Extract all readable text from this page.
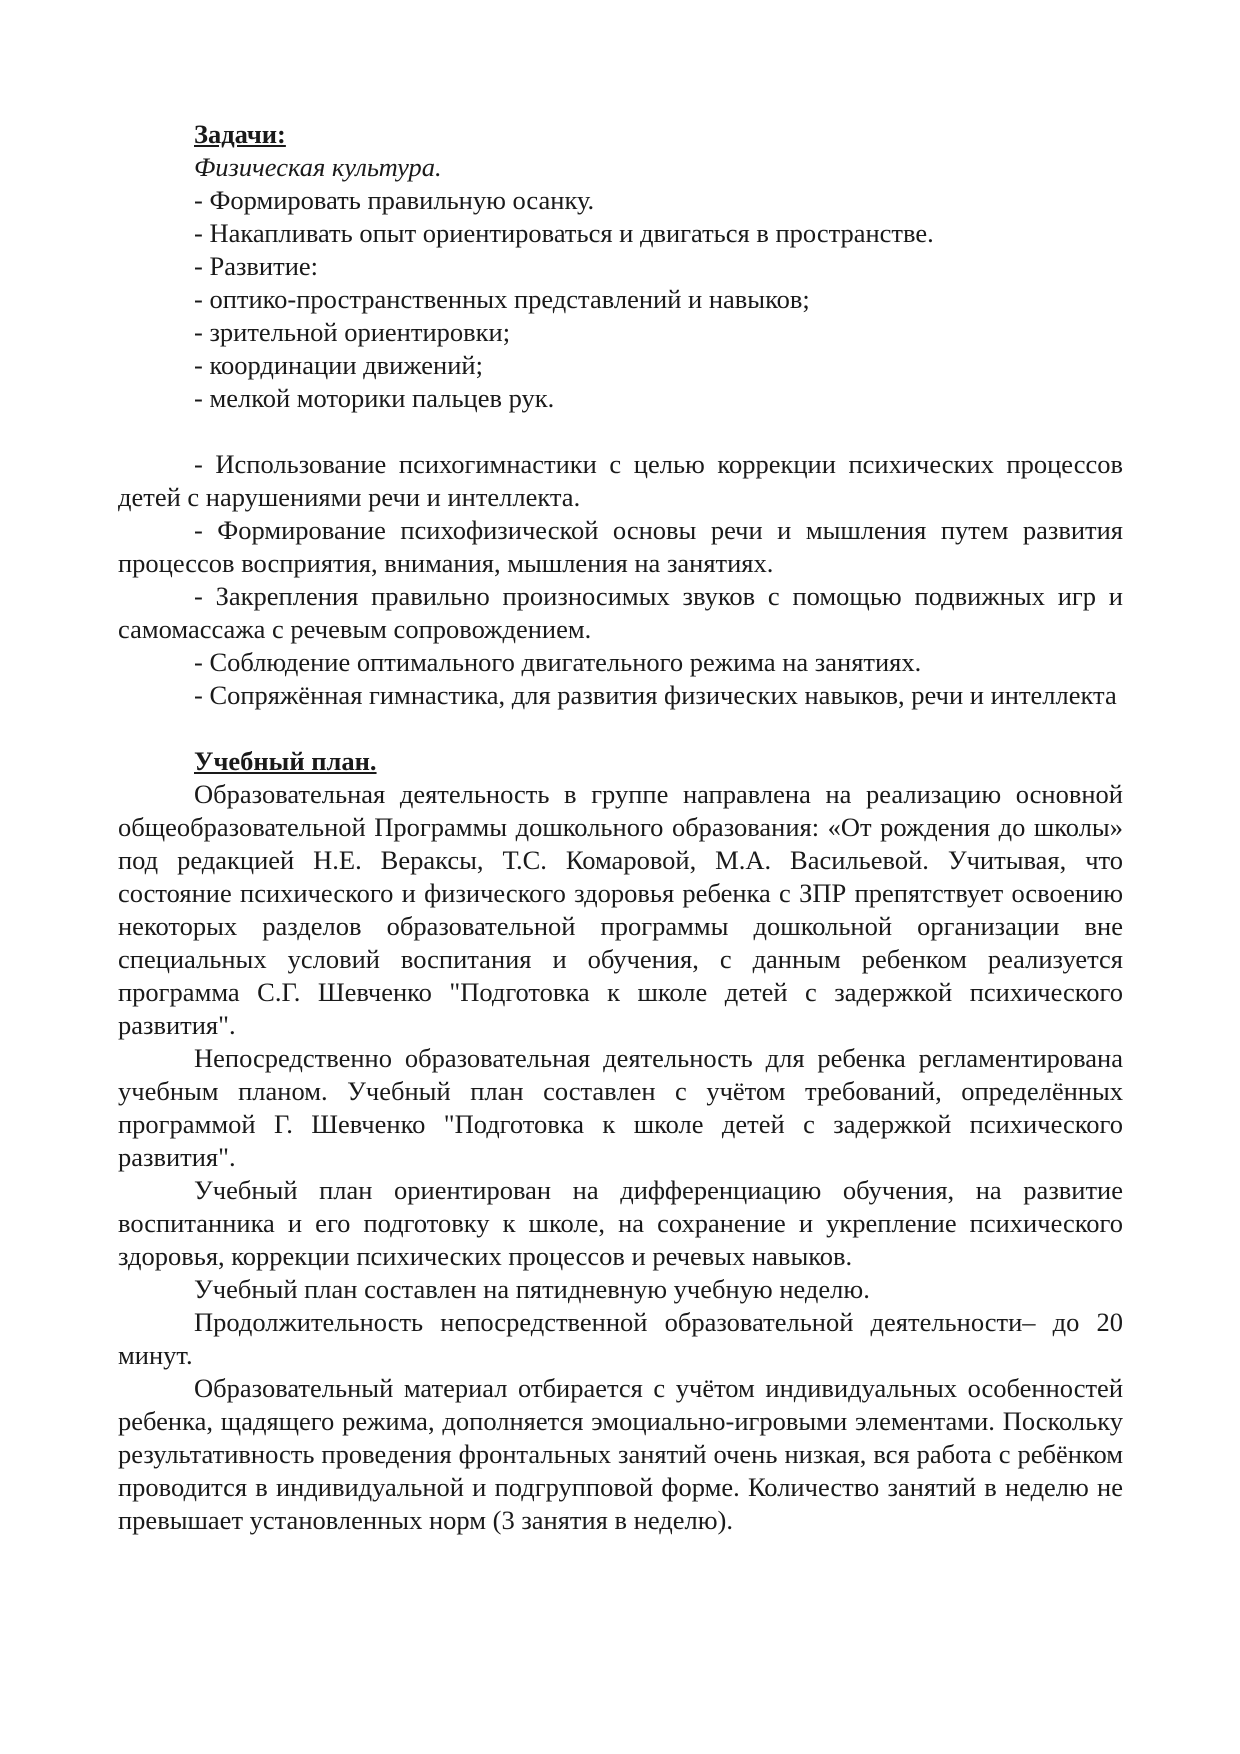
Задачи:
Физическая культура.
- Формировать правильную осанку.
- Накапливать опыт ориентироваться и двигаться в пространстве.
- Развитие:
- оптико-пространственных представлений и навыков;
- зрительной ориентировки;
- координации движений;
- мелкой моторики пальцев рук.
- Использование психогимнастики с целью коррекции психических процессов детей с нарушениями речи и интеллекта.
- Формирование психофизической основы речи и мышления путем развития процессов восприятия, внимания, мышления на занятиях.
- Закрепления правильно произносимых звуков с помощью подвижных игр и самомассажа с речевым сопровождением.
- Соблюдение оптимального двигательного режима на занятиях.
- Сопряжённая гимнастика, для развития физических навыков, речи и интеллекта
Учебный план.
Образовательная деятельность в группе направлена на реализацию основной общеобразовательной Программы дошкольного образования: «От рождения до школы» под редакцией Н.Е. Вераксы, Т.С. Комаровой, М.А. Васильевой. Учитывая, что состояние психического и физического здоровья ребенка с ЗПР препятствует освоению некоторых разделов образовательной программы дошкольной организации вне специальных условий воспитания и обучения, с данным ребенком реализуется программа С.Г. Шевченко "Подготовка к школе детей с задержкой психического развития".
Непосредственно образовательная деятельность для ребенка регламентирована учебным планом. Учебный план составлен с учётом требований, определённых программой Г. Шевченко "Подготовка к школе детей с задержкой психического развития".
Учебный план ориентирован на дифференциацию обучения, на развитие воспитанника и его подготовку к школе, на сохранение и укрепление психического здоровья, коррекции психических процессов и речевых навыков.
Учебный план составлен на пятидневную учебную неделю.
Продолжительность непосредственной образовательной деятельности– до 20 минут.
Образовательный материал отбирается с учётом индивидуальных особенностей ребенка, щадящего режима, дополняется эмоциально-игровыми элементами. Поскольку результативность проведения фронтальных занятий очень низкая, вся работа с ребёнком проводится в индивидуальной и подгрупповой форме. Количество занятий в неделю не превышает установленных норм (3 занятия в неделю).
